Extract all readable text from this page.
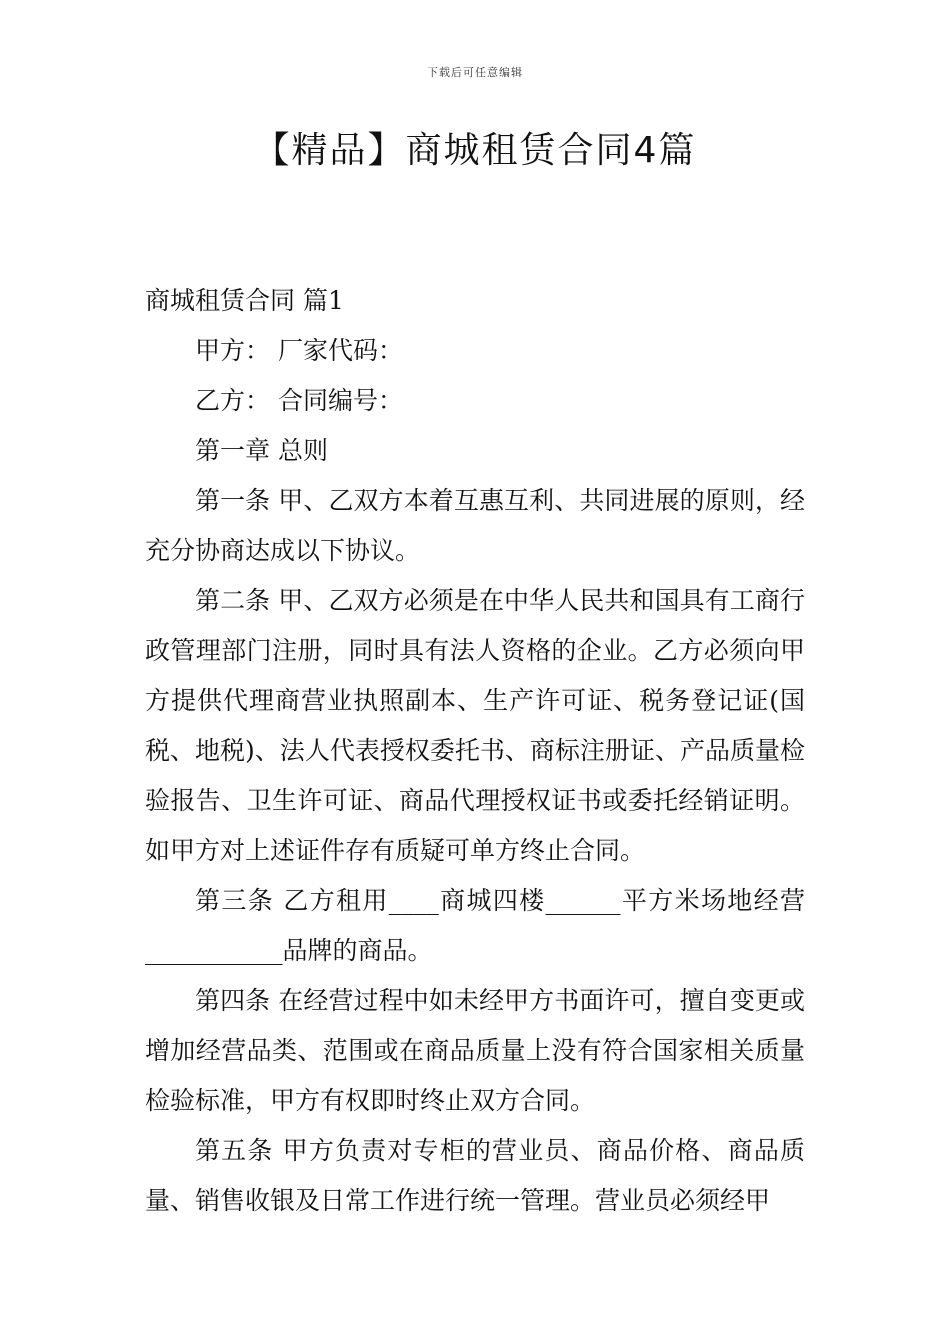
下载后可任意编辑
【精品】商城租赁合同4篇

商城租赁合同 篇1

甲方： 厂家代码：

乙方： 合同编号：

第一章 总则

第一条 甲、乙双方本着互惠互利、共同进展的原则，经充分协商达成以下协议。

第二条 甲、乙双方必须是在中华人民共和国具有工商行政管理部门注册，同时具有法人资格的企业。乙方必须向甲方提供代理商营业执照副本、生产许可证、税务登记证(国税、地税)、法人代表授权委托书、商标注册证、产品质量检验报告、卫生许可证、商品代理授权证书或委托经销证明。如甲方对上述证件存有质疑可单方终止合同。

第三条 乙方租用____商城四楼______平方米场地经营___________品牌的商品。

第四条 在经营过程中如未经甲方书面许可，擅自变更或增加经营品类、范围或在商品质量上没有符合国家相关质量检验标准，甲方有权即时终止双方合同。

第五条 甲方负责对专柜的营业员、商品价格、商品质量、销售收银及日常工作进行统一管理。营业员必须经甲
